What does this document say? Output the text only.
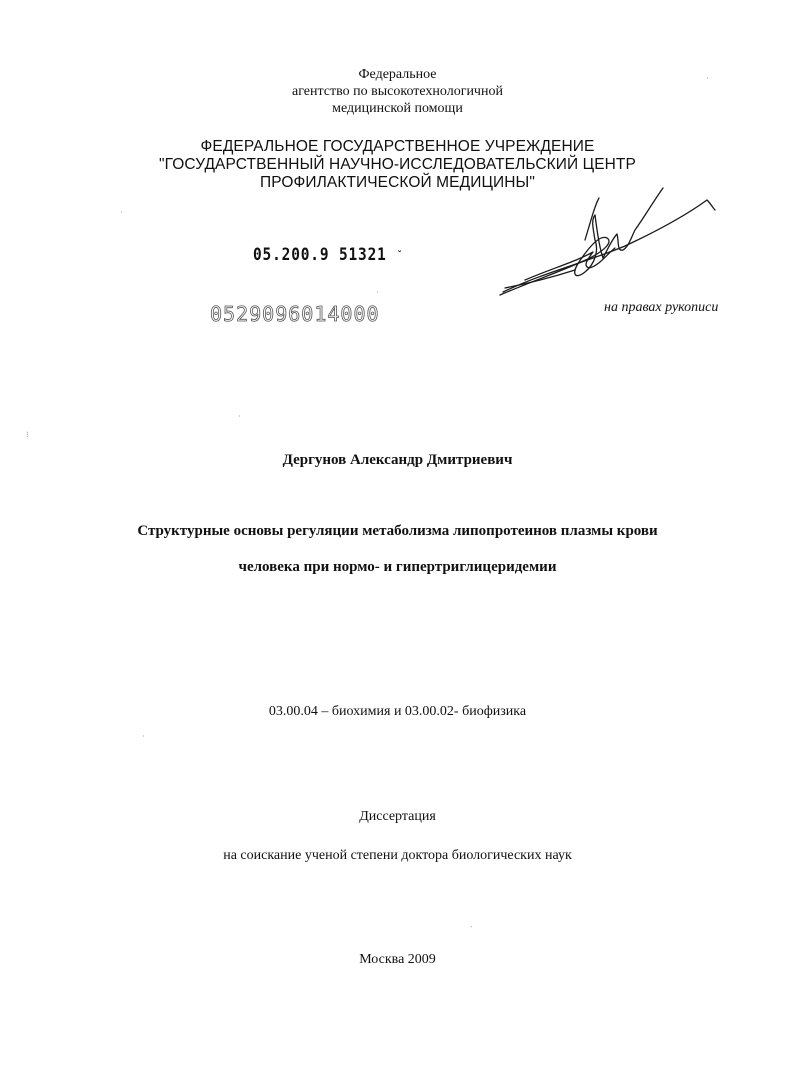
Федеральное
агентство по высокотехнологичной
медицинской помощи
ФЕДЕРАЛЬНОЕ ГОСУДАРСТВЕННОЕ УЧРЕЖДЕНИЕ
"ГОСУДАРСТВЕННЫЙ НАУЧНО-ИССЛЕДОВАТЕЛЬСКИЙ ЦЕНТР
ПРОФИЛАКТИЧЕСКОЙ МЕДИЦИНЫ"
05.200.9 51321 ˘
0529096014000	на правах рукописи
·
·
·
⁝
·
ˋ
·
Дергунов Александр Дмитриевич
Структурные основы регуляции метаболизма липопротеинов плазмы крови
человека при нормо- и гипертриглицеридемии
03.00.04 – биохимия и 03.00.02- биофизика
Диссертация
на соискание ученой степени доктора биологических наук
Москва 2009
